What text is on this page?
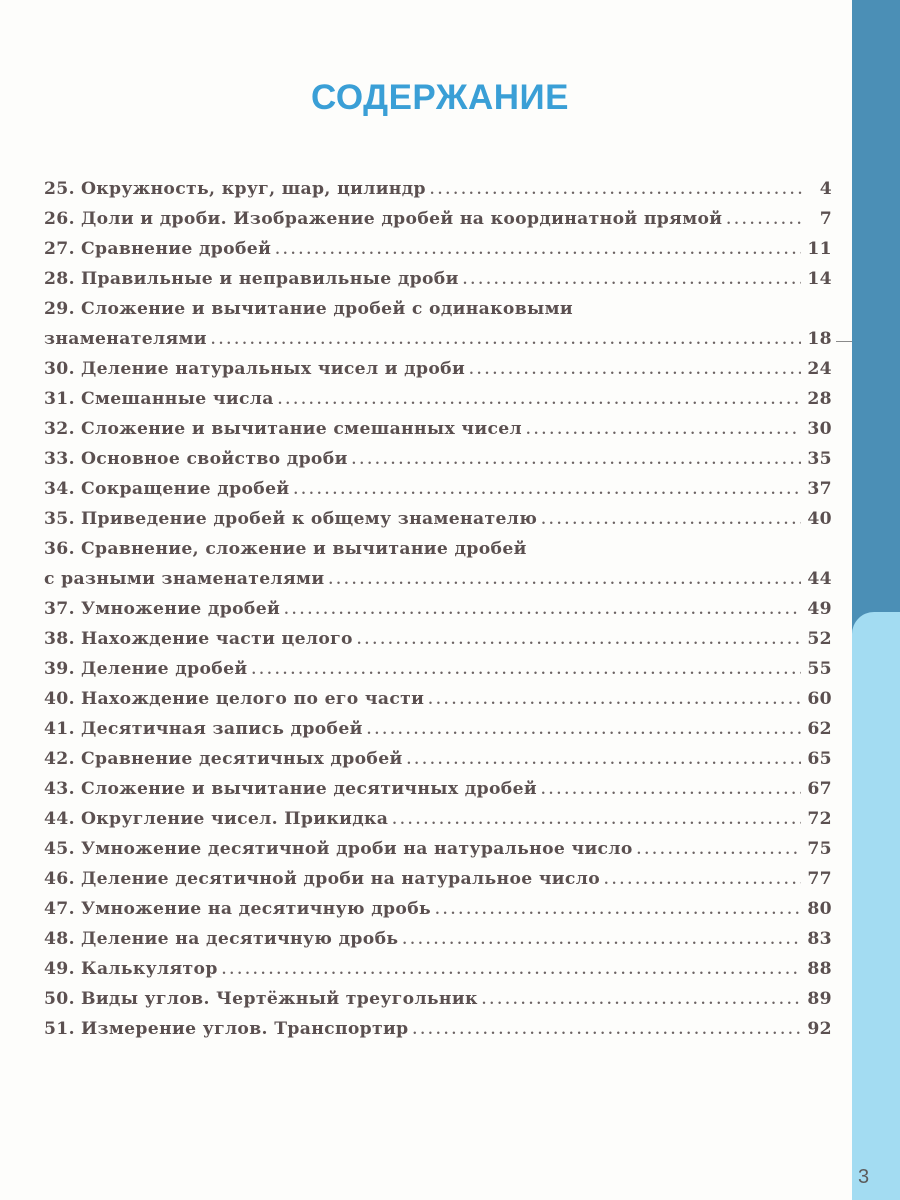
СОДЕРЖАНИЕ
25. Окружность, круг, шар, цилиндр .....	4
26. Доли и дроби. Изображение дробей на координатной прямой .....	7
27. Сравнение дробей .....	11
28. Правильные и неправильные дроби .....	14
29. Сложение и вычитание дробей с одинаковыми
знаменателями .....	18
30. Деление натуральных чисел и дроби .....	24
31. Смешанные числа .....	28
32. Сложение и вычитание смешанных чисел .....	30
33. Основное свойство дроби .....	35
34. Сокращение дробей .....	37
35. Приведение дробей к общему знаменателю .....	40
36. Сравнение, сложение и вычитание дробей
с разными знаменателями .....	44
37. Умножение дробей .....	49
38. Нахождение части целого .....	52
39. Деление дробей .....	55
40. Нахождение целого по его части .....	60
41. Десятичная запись дробей .....	62
42. Сравнение десятичных дробей .....	65
43. Сложение и вычитание десятичных дробей .....	67
44. Округление чисел. Прикидка .....	72
45. Умножение десятичной дроби на натуральное число .....	75
46. Деление десятичной дроби на натуральное число .....	77
47. Умножение на десятичную дробь .....	80
48. Деление на десятичную дробь .....	83
49. Калькулятор .....	88
50. Виды углов. Чертёжный треугольник .....	89
51. Измерение углов. Транспортир .....	92
3
